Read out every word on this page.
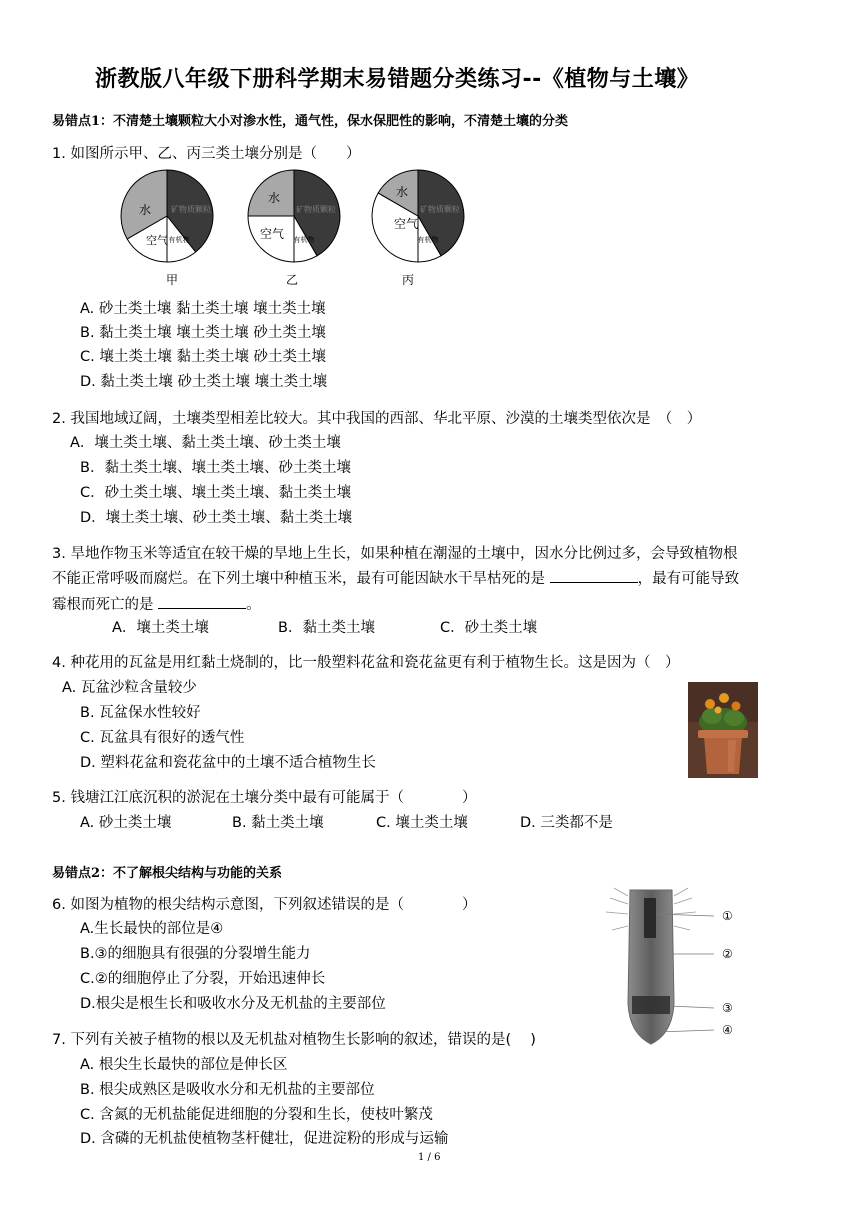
浙教版八年级下册科学期末易错题分类练习--《植物与土壤》
易错点1：不清楚土壤颗粒大小对渗水性，通气性，保水保肥性的影响，不清楚土壤的分类
1. 如图所示甲、乙、丙三类土壤分别是（　　）
水
空气 有机物
矿物质颗粒
水
空气 有机物
矿物质颗粒
水
空气
有机物
矿物质颗粒
甲	乙	丙
A. 砂土类土壤 黏土类土壤 壤土类土壤
B. 黏土类土壤 壤土类土壤 砂土类土壤
C. 壤土类土壤 黏土类土壤 砂土类土壤
D. 黏土类土壤 砂土类土壤 壤土类土壤
2. 我国地域辽阔，土壤类型相差比较大。其中我国的西部、华北平原、沙漠的土壤类型依次是　（　）
A．壤土类土壤、黏土类土壤、砂土类土壤
B．黏土类土壤、壤土类土壤、砂土类土壤
C．砂土类土壤、壤土类土壤、黏土类土壤
D．壤土类土壤、砂土类土壤、黏土类土壤
3. 旱地作物玉米等适宜在较干燥的旱地上生长，如果种植在潮湿的土壤中，因水分比例过多，会导致植物根
不能正常呼吸而腐烂。在下列土壤中种植玉米，最有可能因缺水干旱枯死的是	，最有可能导致
霉根而死亡的是	。
A．壤土类土壤	B．黏土类土壤	C．砂土类土壤
4. 种花用的瓦盆是用红黏土烧制的，比一般塑料花盆和瓷花盆更有利于植物生长。这是因为（　）
A. 瓦盆沙粒含量较少
B. 瓦盆保水性较好
C. 瓦盆具有很好的透气性
D. 塑料花盆和瓷花盆中的土壤不适合植物生长
5. 钱塘江江底沉积的淤泥在土壤分类中最有可能属于（　　　　）
A. 砂土类土壤	B. 黏土类土壤	C. 壤土类土壤	D. 三类都不是
易错点2：不了解根尖结构与功能的关系
6. 如图为植物的根尖结构示意图，下列叙述错误的是（　　　　）
A.生长最快的部位是④
B.③的细胞具有很强的分裂增生能力
C.②的细胞停止了分裂，开始迅速伸长
D.根尖是根生长和吸收水分及无机盐的主要部位
①
②
③
④
7. 下列有关被子植物的根以及无机盐对植物生长影响的叙述，错误的是(　 )
A. 根尖生长最快的部位是伸长区
B. 根尖成熟区是吸收水分和无机盐的主要部位
C. 含氮的无机盐能促进细胞的分裂和生长，使枝叶繁茂
D. 含磷的无机盐使植物茎杆健壮，促进淀粉的形成与运输
1 / 6
